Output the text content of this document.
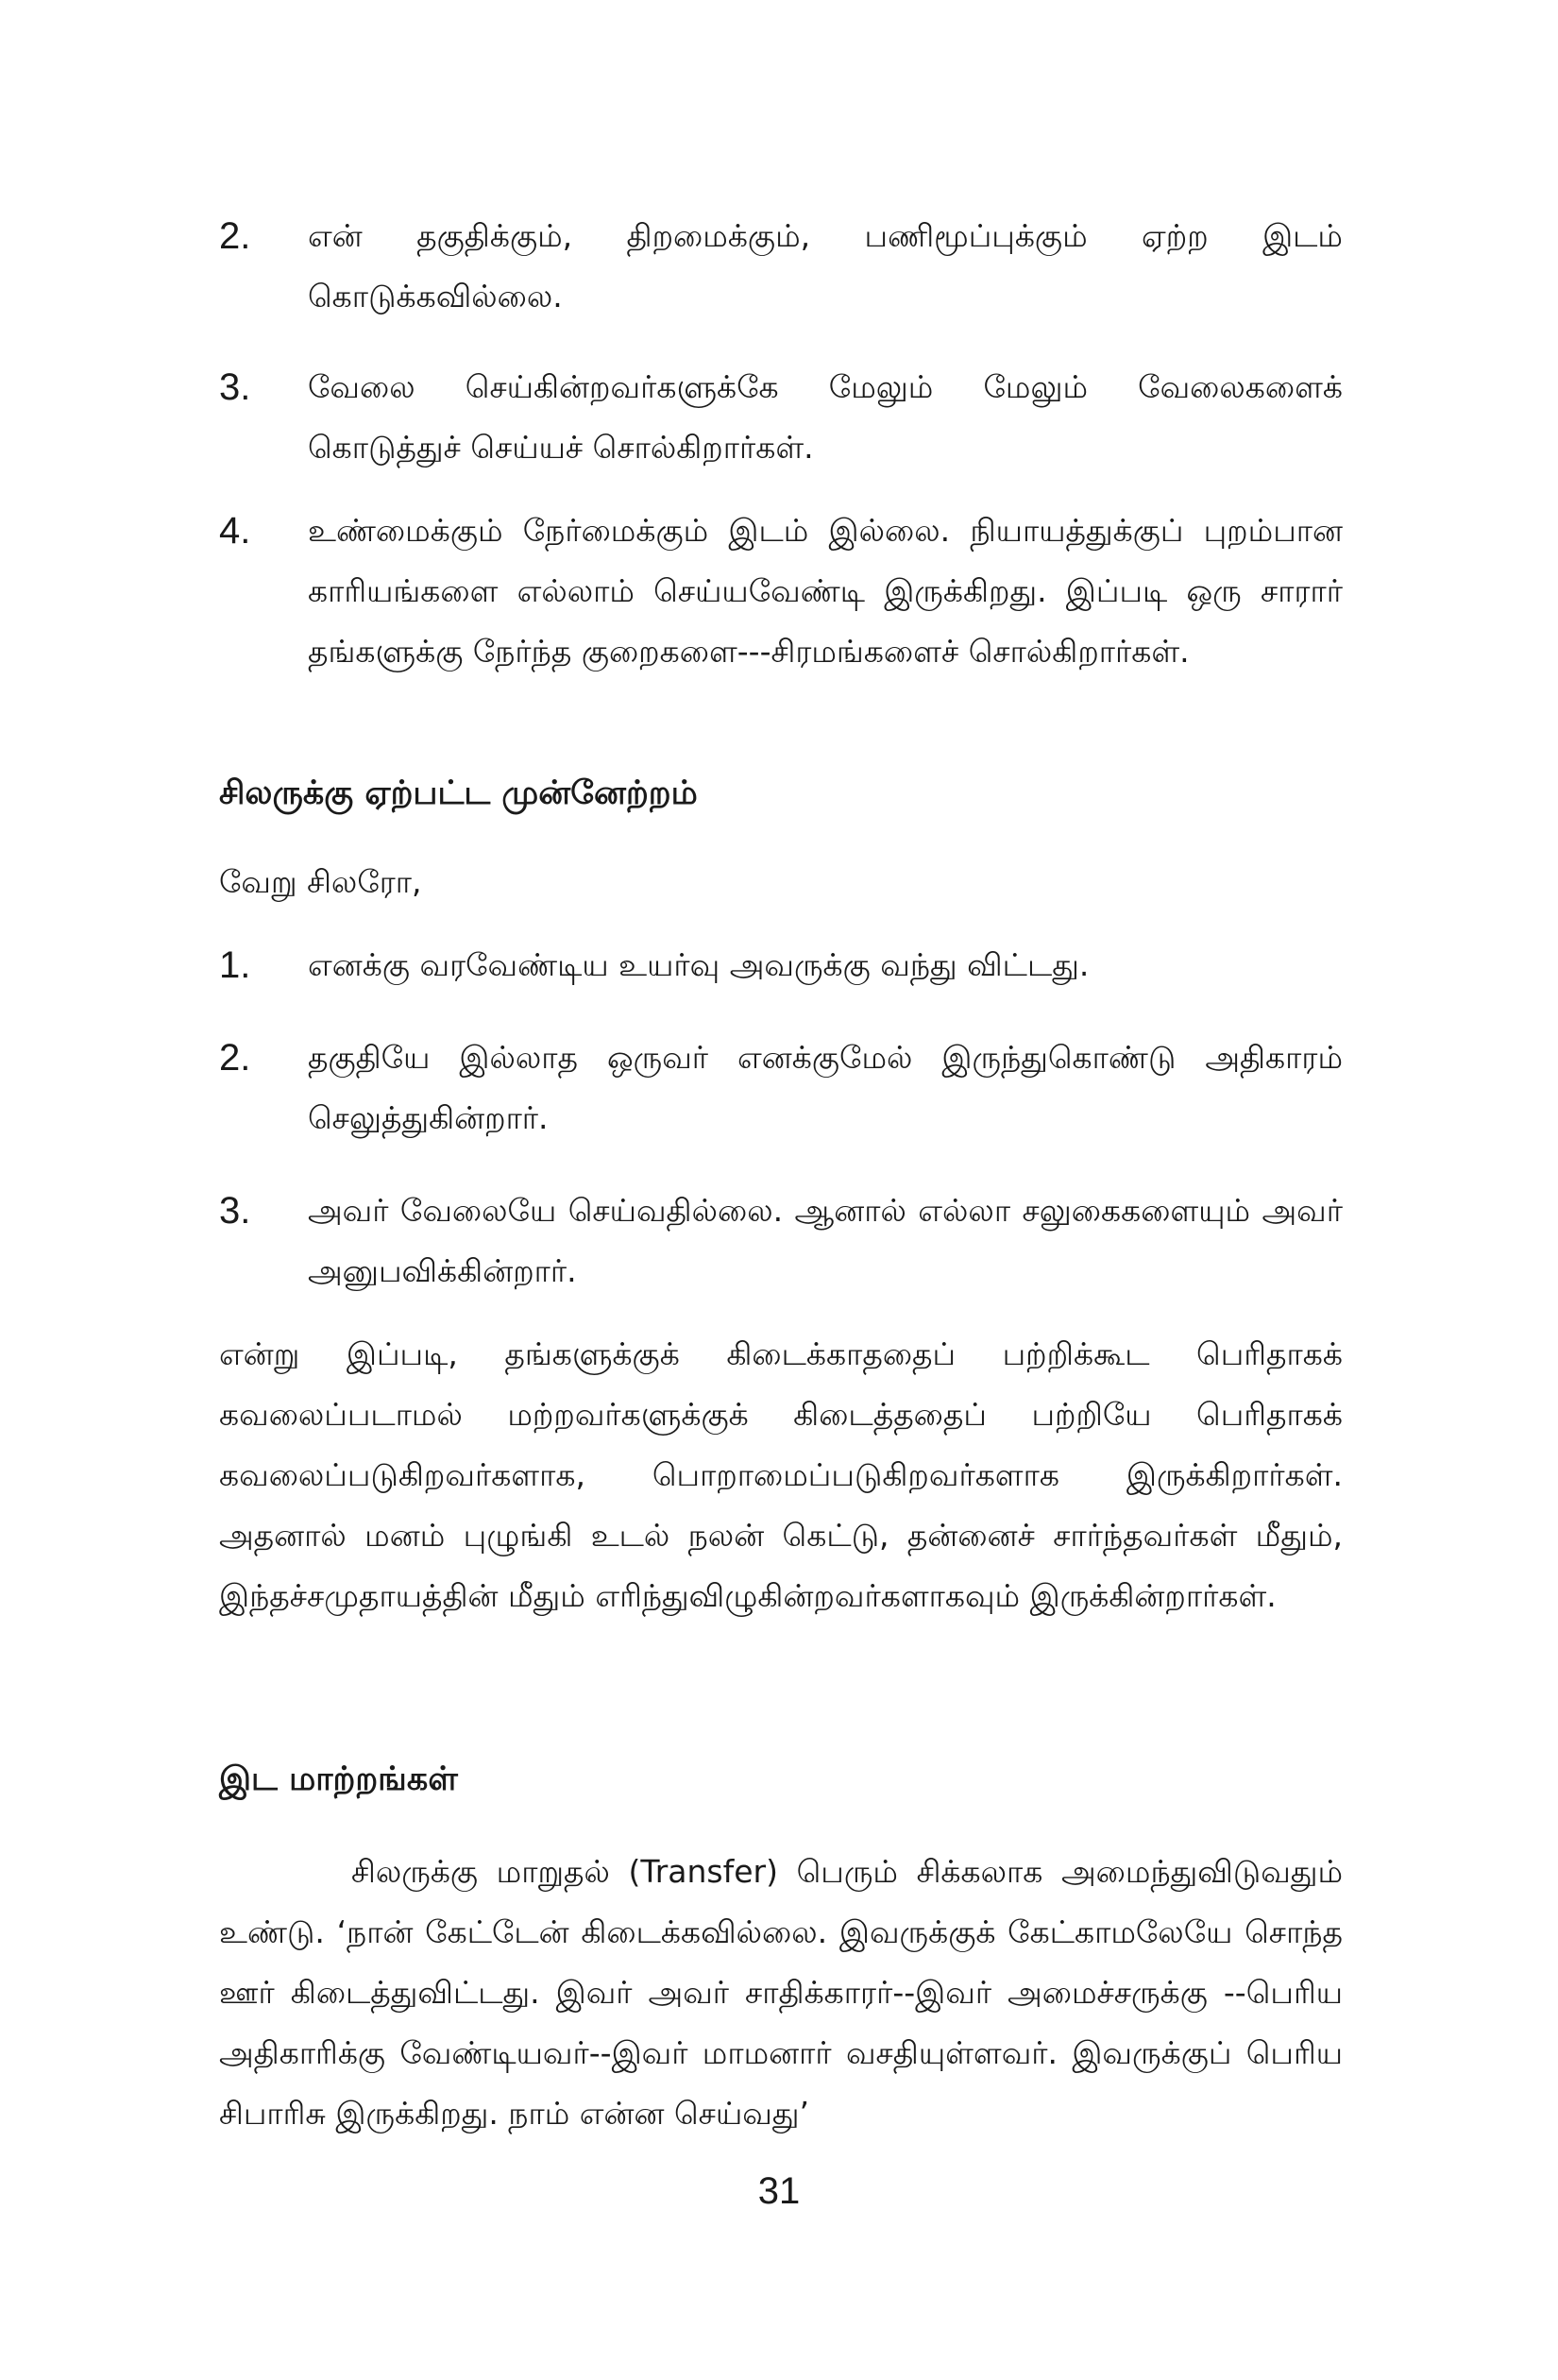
2.	என் தகுதிக்கும், திறமைக்கும், பணிமூப்புக்கும் ஏற்ற இடம் கொடுக்கவில்லை.
3.	வேலை செய்கின்றவர்களுக்கே மேலும் மேலும் வேலைகளைக் கொடுத்துச் செய்யச் சொல்கிறார்கள்.
4.	உண்மைக்கும் நேர்மைக்கும் இடம் இல்லை. நியாயத்துக்குப் புறம்பான காரியங்களை எல்லாம் செய்யவேண்டி இருக்கிறது. இப்படி ஒரு சாரார் தங்களுக்கு நேர்ந்த குறைகளை---சிரமங்களைச் சொல்கிறார்கள்.
சிலருக்கு ஏற்பட்ட முன்னேற்றம்
வேறு சிலரோ,
1.	எனக்கு வரவேண்டிய உயர்வு அவருக்கு வந்து விட்டது.
2.	தகுதியே இல்லாத ஒருவர் எனக்குமேல் இருந்துகொண்டு அதிகாரம் செலுத்துகின்றார்.
3.	அவர் வேலையே செய்வதில்லை. ஆனால் எல்லா சலுகைகளையும் அவர் அனுபவிக்கின்றார்.
என்று இப்படி, தங்களுக்குக் கிடைக்காததைப் பற்றிக்கூட பெரிதாகக் கவலைப்படாமல் மற்றவர்களுக்குக் கிடைத்ததைப் பற்றியே பெரிதாகக் கவலைப்படுகிறவர்களாக, பொறாமைப்படுகிறவர்களாக இருக்கிறார்கள். அதனால் மனம் புழுங்கி உடல் நலன் கெட்டு, தன்னைச் சார்ந்தவர்கள் மீதும், இந்தச்சமுதாயத்தின் மீதும் எரிந்துவிழுகின்றவர்களாகவும் இருக்கின்றார்கள்.
இட மாற்றங்கள்
சிலருக்கு மாறுதல் (Transfer) பெரும் சிக்கலாக அமைந்துவிடுவதும் உண்டு. ‘நான் கேட்டேன் கிடைக்கவில்லை. இவருக்குக் கேட்காமலேயே சொந்த ஊர் கிடைத்துவிட்டது. இவர் அவர் சாதிக்காரர்--இவர் அமைச்சருக்கு --பெரிய அதிகாரிக்கு வேண்டியவர்--இவர் மாமனார் வசதியுள்ளவர். இவருக்குப் பெரிய சிபாரிசு இருக்கிறது. நாம் என்ன செய்வது’
31
